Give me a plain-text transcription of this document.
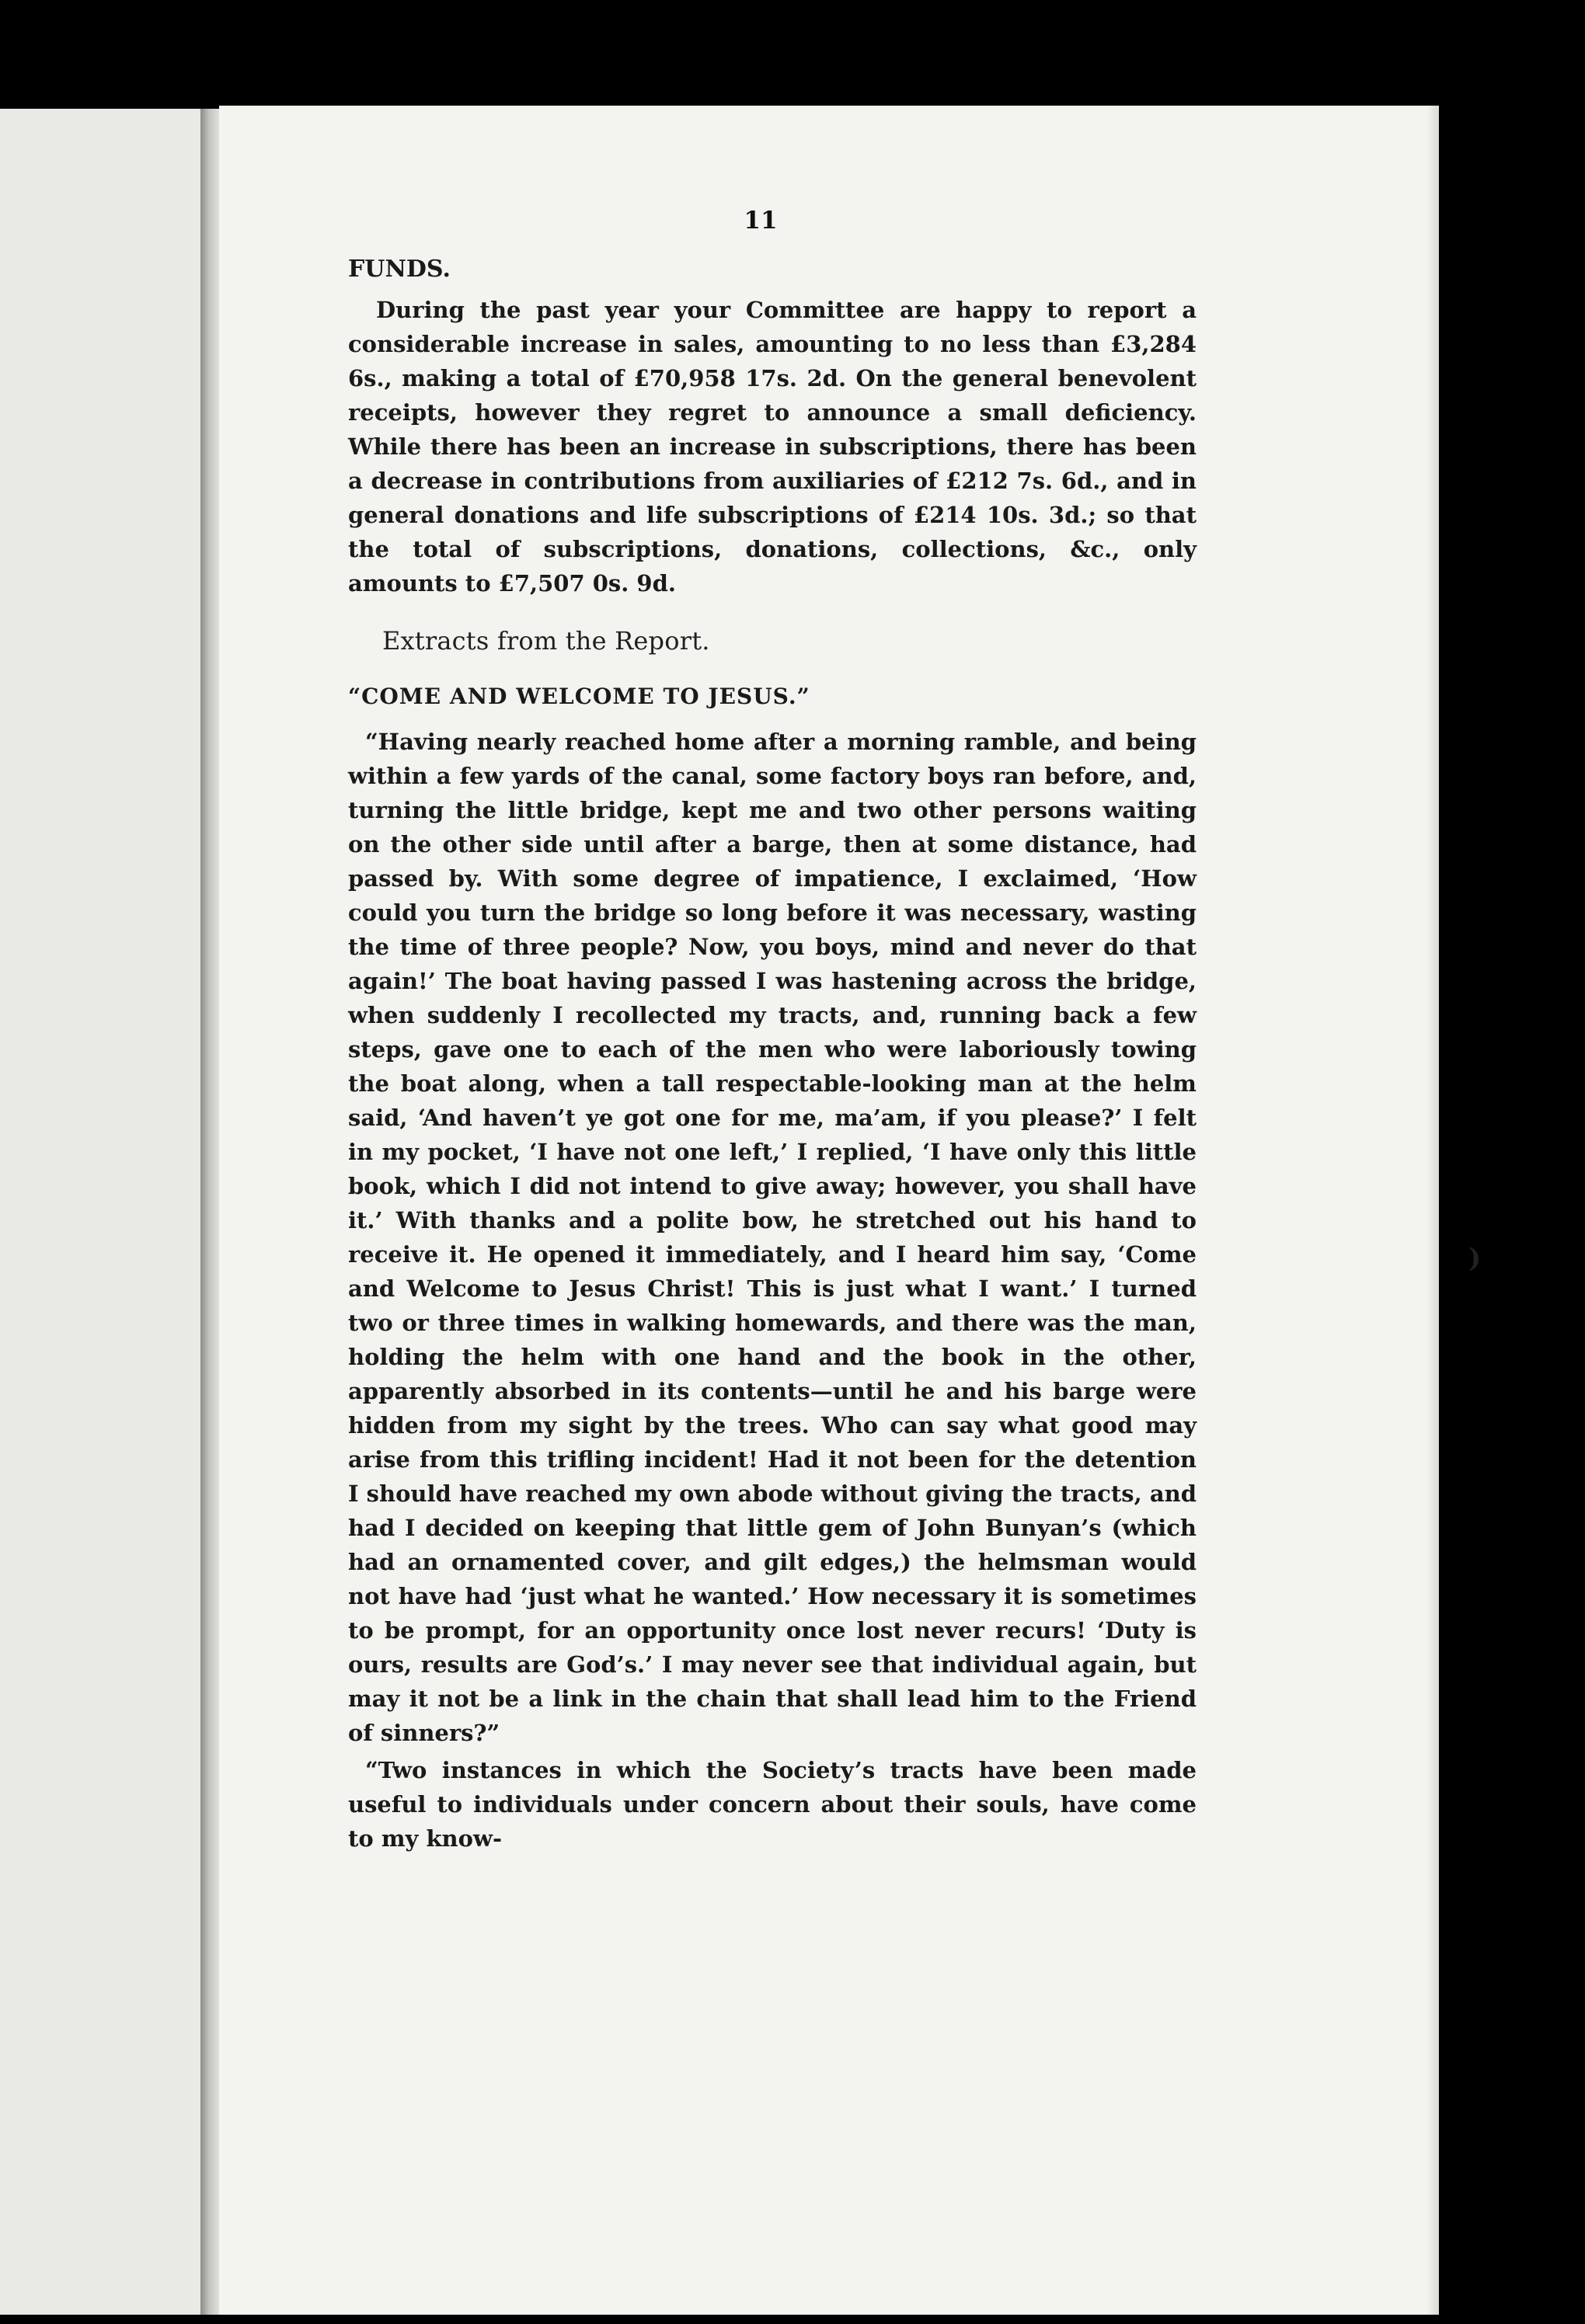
11

FUNDS.

During the past year your Committee are happy to report a considerable increase in sales, amounting to no less than £3,284 6s., making a total of £70,958 17s. 2d. On the general benevolent receipts, however they regret to announce a small deficiency. While there has been an increase in subscriptions, there has been a decrease in contributions from auxiliaries of £212 7s. 6d., and in general donations and life subscriptions of £214 10s. 3d.; so that the total of subscriptions, donations, collections, &c., only amounts to £7,507 0s. 9d.

Extracts from the Report.

“COME AND WELCOME TO JESUS.”

“Having nearly reached home after a morning ramble, and being within a few yards of the canal, some factory boys ran before, and, turning the little bridge, kept me and two other persons waiting on the other side until after a barge, then at some distance, had passed by. With some degree of impatience, I exclaimed, ‘How could you turn the bridge so long before it was necessary, wasting the time of three people? Now, you boys, mind and never do that again!’ The boat having passed I was hastening across the bridge, when suddenly I recollected my tracts, and, running back a few steps, gave one to each of the men who were laboriously towing the boat along, when a tall respectable-looking man at the helm said, ‘And haven’t ye got one for me, ma’am, if you please?’ I felt in my pocket, ‘I have not one left,’ I replied, ‘I have only this little book, which I did not intend to give away; however, you shall have it.’ With thanks and a polite bow, he stretched out his hand to receive it. He opened it immediately, and I heard him say, ‘Come and Welcome to Jesus Christ! This is just what I want.’ I turned two or three times in walking homewards, and there was the man, holding the helm with one hand and the book in the other, apparently absorbed in its contents—until he and his barge were hidden from my sight by the trees. Who can say what good may arise from this trifling incident! Had it not been for the detention I should have reached my own abode without giving the tracts, and had I decided on keeping that little gem of John Bunyan’s (which had an ornamented cover, and gilt edges,) the helmsman would not have had ‘just what he wanted.’ How necessary it is sometimes to be prompt, for an opportunity once lost never recurs! ‘Duty is ours, results are God’s.’ I may never see that individual again, but may it not be a link in the chain that shall lead him to the Friend of sinners?”

“Two instances in which the Society’s tracts have been made useful to individuals under concern about their souls, have come to my know-

)
